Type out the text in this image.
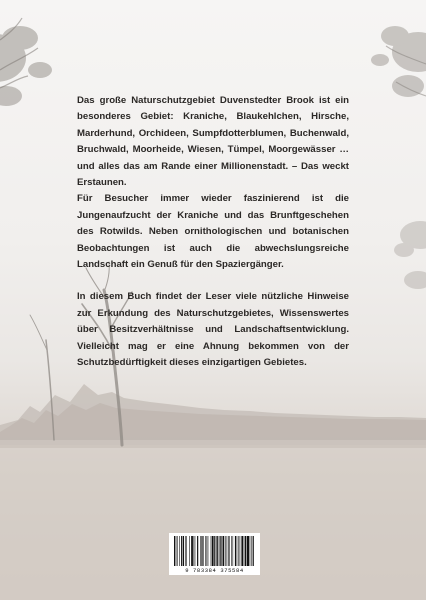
Das große Naturschutzgebiet Duvenstedter Brook ist ein besonderes Gebiet: Kraniche, Blaukehlchen, Hirsche, Marderhund, Orchideen, Sumpfdotterblumen, Buchenwald, Bruchwald, Moorheide, Wiesen, Tümpel, Moorgewässer … und alles das am Rande einer Millionenstadt. – Das weckt Erstaunen.

Für Besucher immer wieder faszinierend ist die Jungenaufzucht der Kraniche und das Brunftgeschehen des Rotwilds. Neben ornithologischen und botanischen Beobachtungen ist auch die abwechslungsreiche Landschaft ein Genuß für den Spaziergänger.

In diesem Buch findet der Leser viele nützliche Hinweise zur Erkundung des Naturschutzgebietes, Wissenswertes über Besitzverhältnisse und Landschaftsentwicklung. Vielleicht mag er eine Ahnung bekommen von der Schutzbedürftigkeit dieses einzigartigen Gebietes.

9 783384 375584
